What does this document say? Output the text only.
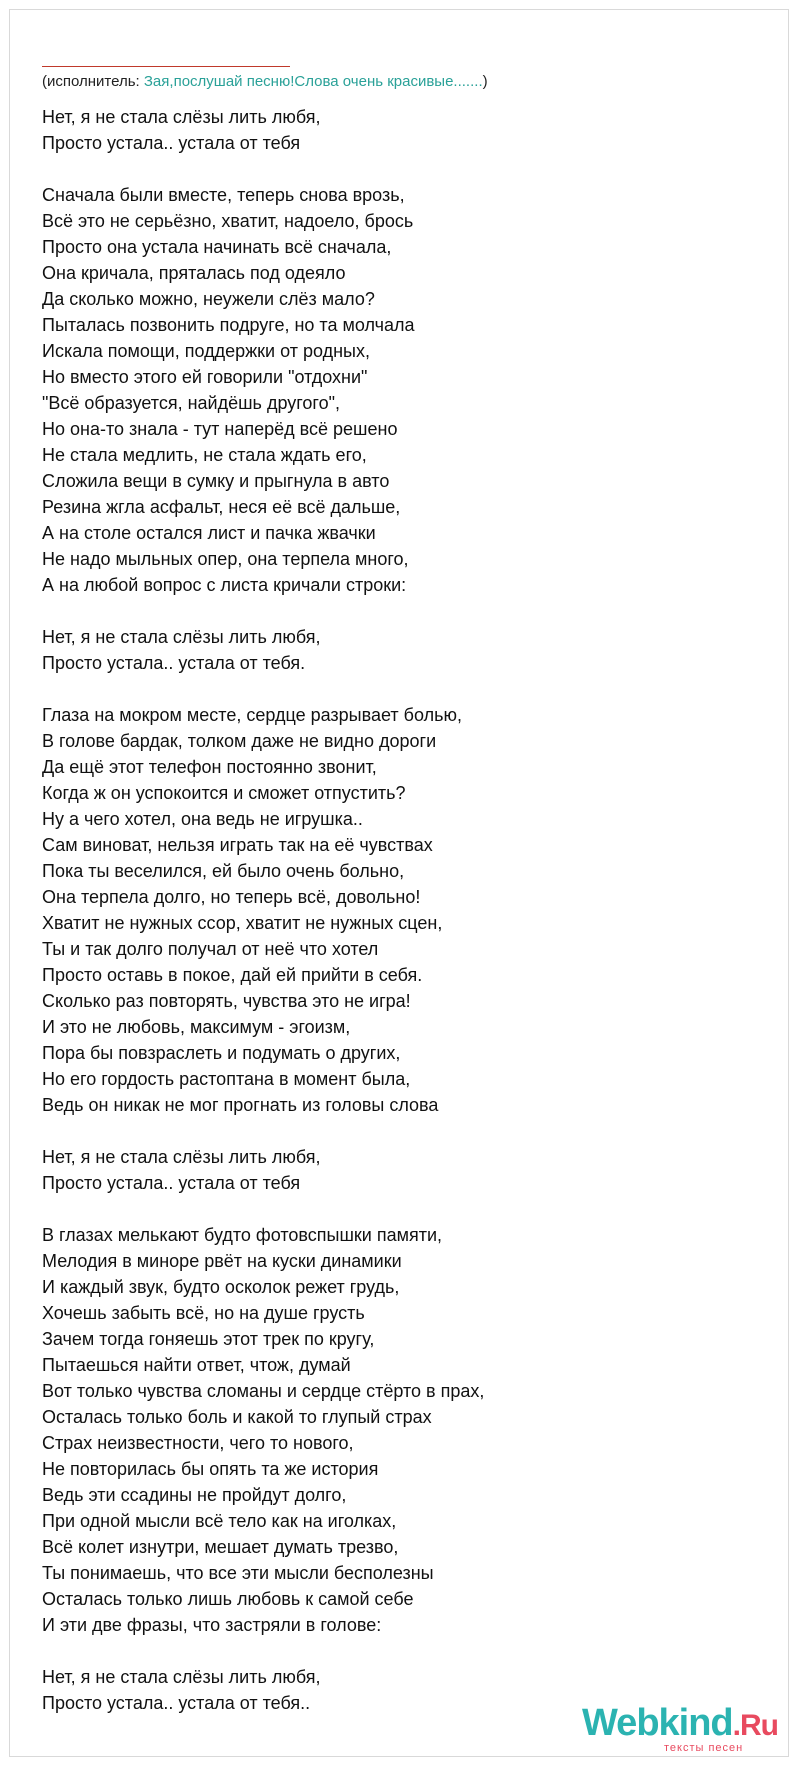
(исполнитель: Зая,послушай песню!Слова очень красивые.......)
Нет, я не стала слёзы лить любя,
Просто устала.. устала от тебя
Сначала были вместе, теперь снова врозь,
Всё это не серьёзно, хватит, надоело, брось
Просто она устала начинать всё сначала,
Она кричала, пряталась под одеяло
Да сколько можно, неужели слёз мало?
Пыталась позвонить подруге, но та молчала
Искала помощи, поддержки от родных,
Но вместо этого ей говорили "отдохни"
"Всё образуется, найдёшь другого",
Но она-то знала - тут наперёд всё решено
Не стала медлить, не стала ждать его,
Сложила вещи в сумку и прыгнула в авто
Резина жгла асфальт, неся её всё дальше,
А на столе остался лист и пачка жвачки
Не надо мыльных опер, она терпела много,
А на любой вопрос с листа кричали строки:
Нет, я не стала слёзы лить любя,
Просто устала.. устала от тебя.
Глаза на мокром месте, сердце разрывает болью,
В голове бардак, толком даже не видно дороги
Да ещё этот телефон постоянно звонит,
Когда ж он успокоится и сможет отпустить?
Ну а чего хотел, она ведь не игрушка..
Сам виноват, нельзя играть так на её чувствах
Пока ты веселился, ей было очень больно,
Она терпела долго, но теперь всё, довольно!
Хватит не нужных ссор, хватит не нужных сцен,
Ты и так долго получал от неё что хотел
Просто оставь в покое, дай ей прийти в себя.
Сколько раз повторять, чувства это не игра!
И это не любовь, максимум - эгоизм,
Пора бы повзраслеть и подумать о других,
Но его гордость растоптана в момент была,
Ведь он никак не мог прогнать из головы слова
Нет, я не стала слёзы лить любя,
Просто устала.. устала от тебя
В глазах мелькают будто фотовспышки памяти,
Мелодия в миноре рвёт на куски динамики
И каждый звук, будто осколок режет грудь,
Хочешь забыть всё, но на душе грусть
Зачем тогда гоняешь этот трек по кругу,
Пытаешься найти ответ, чтож, думай
Вот только чувства сломаны и сердце стёрто в прах,
Осталась только боль и какой то глупый страх
Страх неизвестности, чего то нового,
Не повторилась бы опять та же история
Ведь эти ссадины не пройдут долго,
При одной мысли всё тело как на иголках,
Всё колет изнутри, мешает думать трезво,
Ты понимаешь, что все эти мысли бесполезны
Осталась только лишь любовь к самой себе
И эти две фразы, что застряли в голове:
Нет, я не стала слёзы лить любя,
Просто устала.. устала от тебя..	Webkind.Ru
тексты песен
